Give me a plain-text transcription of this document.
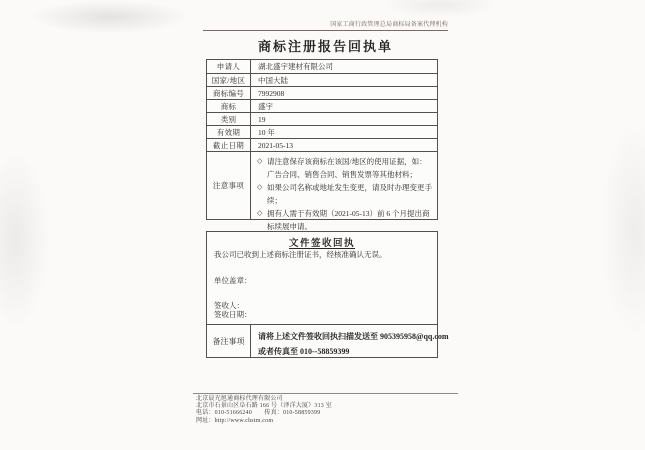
国家工商行政管理总局商标局备案代理机构
商标注册报告回执单
申请人	湖北盛宇建材有限公司
国家/地区	中国大陆
商标编号	7992908
商标	盛宇
类别	19
有效期	10 年
截止日期	2021-05-13
注意事项
◇ 请注意保存该商标在该国/地区的使用证据，如：广告合同、销售合同、销售发票等其他材料；
◇ 如果公司名称或地址发生变更，请及时办理变更手续；
◇ 拥有人需于有效期（2021-05-13）前 6 个月提出商标续展申请。
文件签收回执
我公司已收到上述商标注册证书，经核准确认无误。
单位盖章：
签收人：
签收日期：
备注事项	请将上述文件签收回执扫描发送至 905395958@qq.com
或者传真至 010--58859399
北京晨光旭通商标代理有限公司
北京市石景山区阜石路 166 号（泽洋大厦）313 室
电话：010-51666240　　传真：010-58859399
网址：http://www.chstm.com
